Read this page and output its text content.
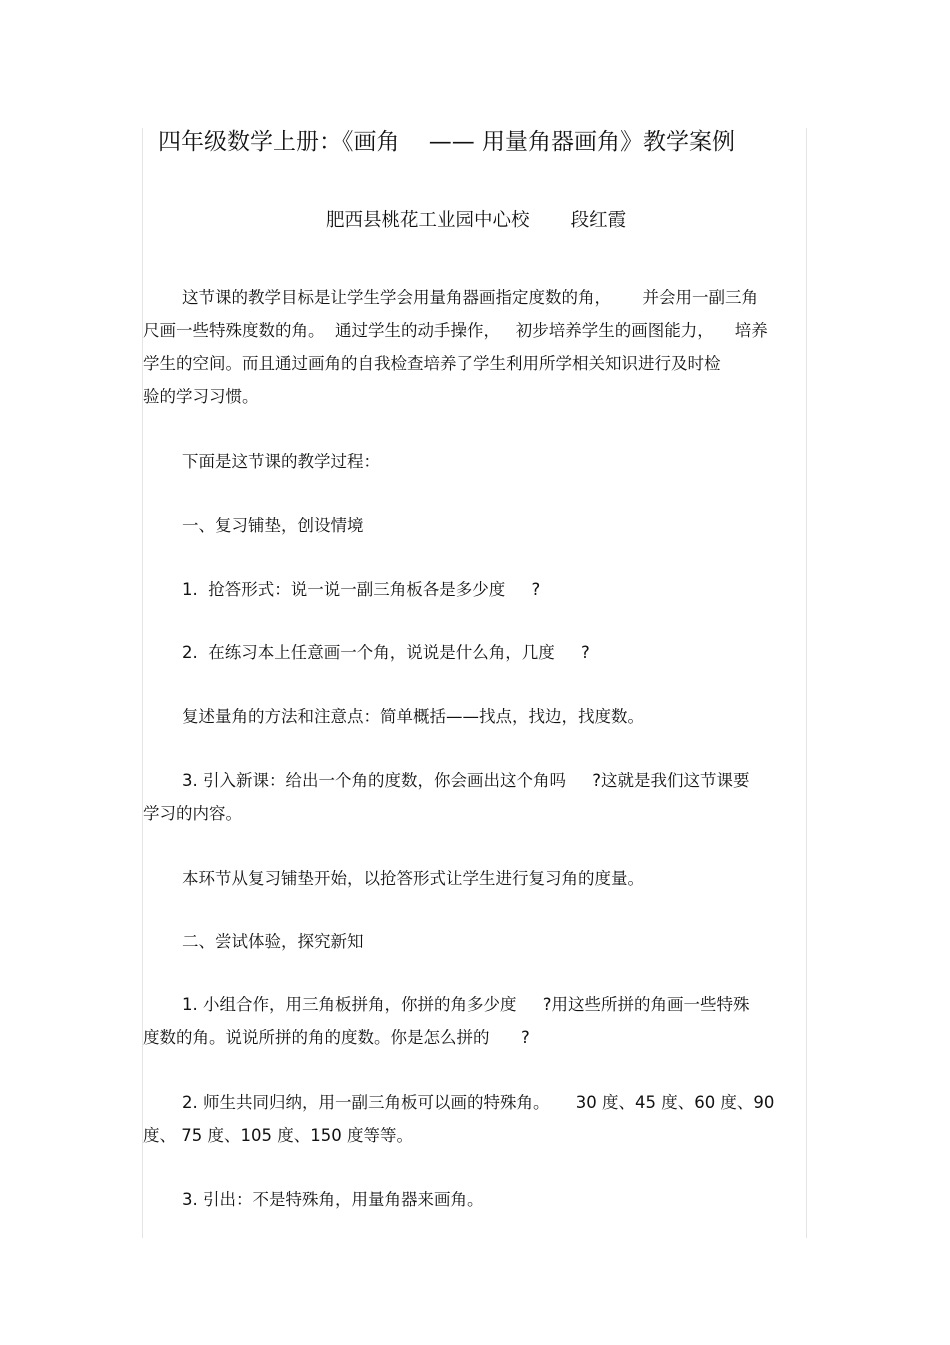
四年级数学上册：《画角    —— 用量角器画角》教学案例
肥西县桃花工业园中心校       段红霞
这节课的教学目标是让学生学会用量角器画指定度数的角，      并会用一副三角
尺画一些特殊度数的角。  通过学生的动手操作，   初步培养学生的画图能力，    培养
学生的空间。而且通过画角的自我检查培养了学生利用所学相关知识进行及时检
验的学习习惯。
下面是这节课的教学过程：
一、复习铺垫，创设情境
1.  抢答形式：说一说一副三角板各是多少度     ?
2.  在练习本上任意画一个角，说说是什么角，几度     ?
复述量角的方法和注意点：简单概括——找点，找边，找度数。
3. 引入新课：给出一个角的度数，你会画出这个角吗     ?这就是我们这节课要
学习的内容。
本环节从复习铺垫开始，以抢答形式让学生进行复习角的度量。
二、尝试体验，探究新知
1. 小组合作，用三角板拼角，你拼的角多少度     ?用这些所拼的角画一些特殊
度数的角。说说所拼的角的度数。你是怎么拼的      ?
2. 师生共同归纳，用一副三角板可以画的特殊角。     30 度、45 度、60 度、90
度、 75 度、105 度、150 度等等。
3. 引出：不是特殊角，用量角器来画角。
